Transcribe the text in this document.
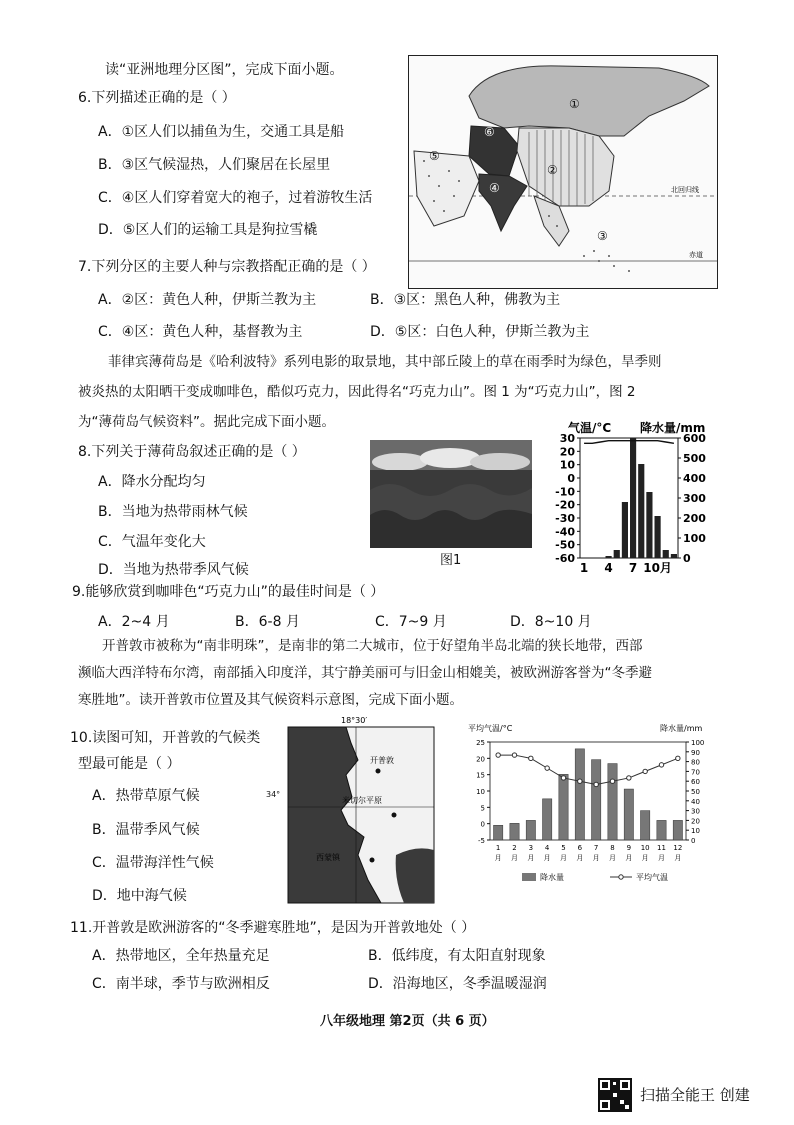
读“亚洲地理分区图”，完成下面小题。
6.下列描述正确的是（ ）
A．①区人们以捕鱼为生，交通工具是船
B．③区气候湿热，人们聚居在长屋里
C．④区人们穿着宽大的袍子，过着游牧生活
D．⑤区人们的运输工具是狗拉雪橇
①
②
③
④
⑤
⑥
北回归线
赤道
7.下列分区的主要人种与宗教搭配正确的是（ ）
A．②区：黄色人种，伊斯兰教为主	B．③区：黑色人种，佛教为主
C．④区：黄色人种，基督教为主	D．⑤区：白色人种，伊斯兰教为主
菲律宾薄荷岛是《哈利波特》系列电影的取景地，其中部丘陵上的草在雨季时为绿色，旱季则
被炎热的太阳晒干变成咖啡色，酷似巧克力，因此得名“巧克力山”。图 1 为“巧克力山”，图 2
为“薄荷岛气候资料”。据此完成下面小题。
8.下列关于薄荷岛叙述正确的是（ ）
A．降水分配均匀
B．当地为热带雨林气候
C．气温年变化大
D．当地为热带季风气候
图1
气温/°C 降水量/mm
30
20
10
0
-10
-20
-30
-40
-50
-60
600
500
400
300
200
100
0
1 4 7 10月
9.能够欣赏到咖啡色“巧克力山”的最佳时间是（ ）
A．2~4 月	B．6-8 月	C．7~9 月	D．8~10 月
开普敦市被称为“南非明珠”，是南非的第二大城市，位于好望角半岛北端的狭长地带，西部
濒临大西洋特布尔湾，南部插入印度洋，其宁静美丽可与旧金山相媲美，被欧洲游客誉为“冬季避
寒胜地”。读开普敦市位置及其气候资料示意图，完成下面小题。
10.读图可知，开普敦的气候类
型最可能是（ ）
A．热带草原气候
B．温带季风气候
C．温带海洋性气候
D．地中海气候
18°30′
开普敦
米切尔平原
西蒙镇
34°
平均气温/°C	降水量/mm
25
20
15
10
5
0
-5
100
90
80
70
60
50
40
30
20
10
0
1
月
2
月
3
月
4
月
5
月
6
月
7
月
8
月
9
月
10
月
11
月
12
月
降水量	平均气温
11.开普敦是欧洲游客的“冬季避寒胜地”，是因为开普敦地处（ ）
A．热带地区，全年热量充足	B．低纬度，有太阳直射现象
C．南半球，季节与欧洲相反	D．沿海地区，冬季温暖湿润
八年级地理 第2页（共 6 页）
扫描全能王 创建
